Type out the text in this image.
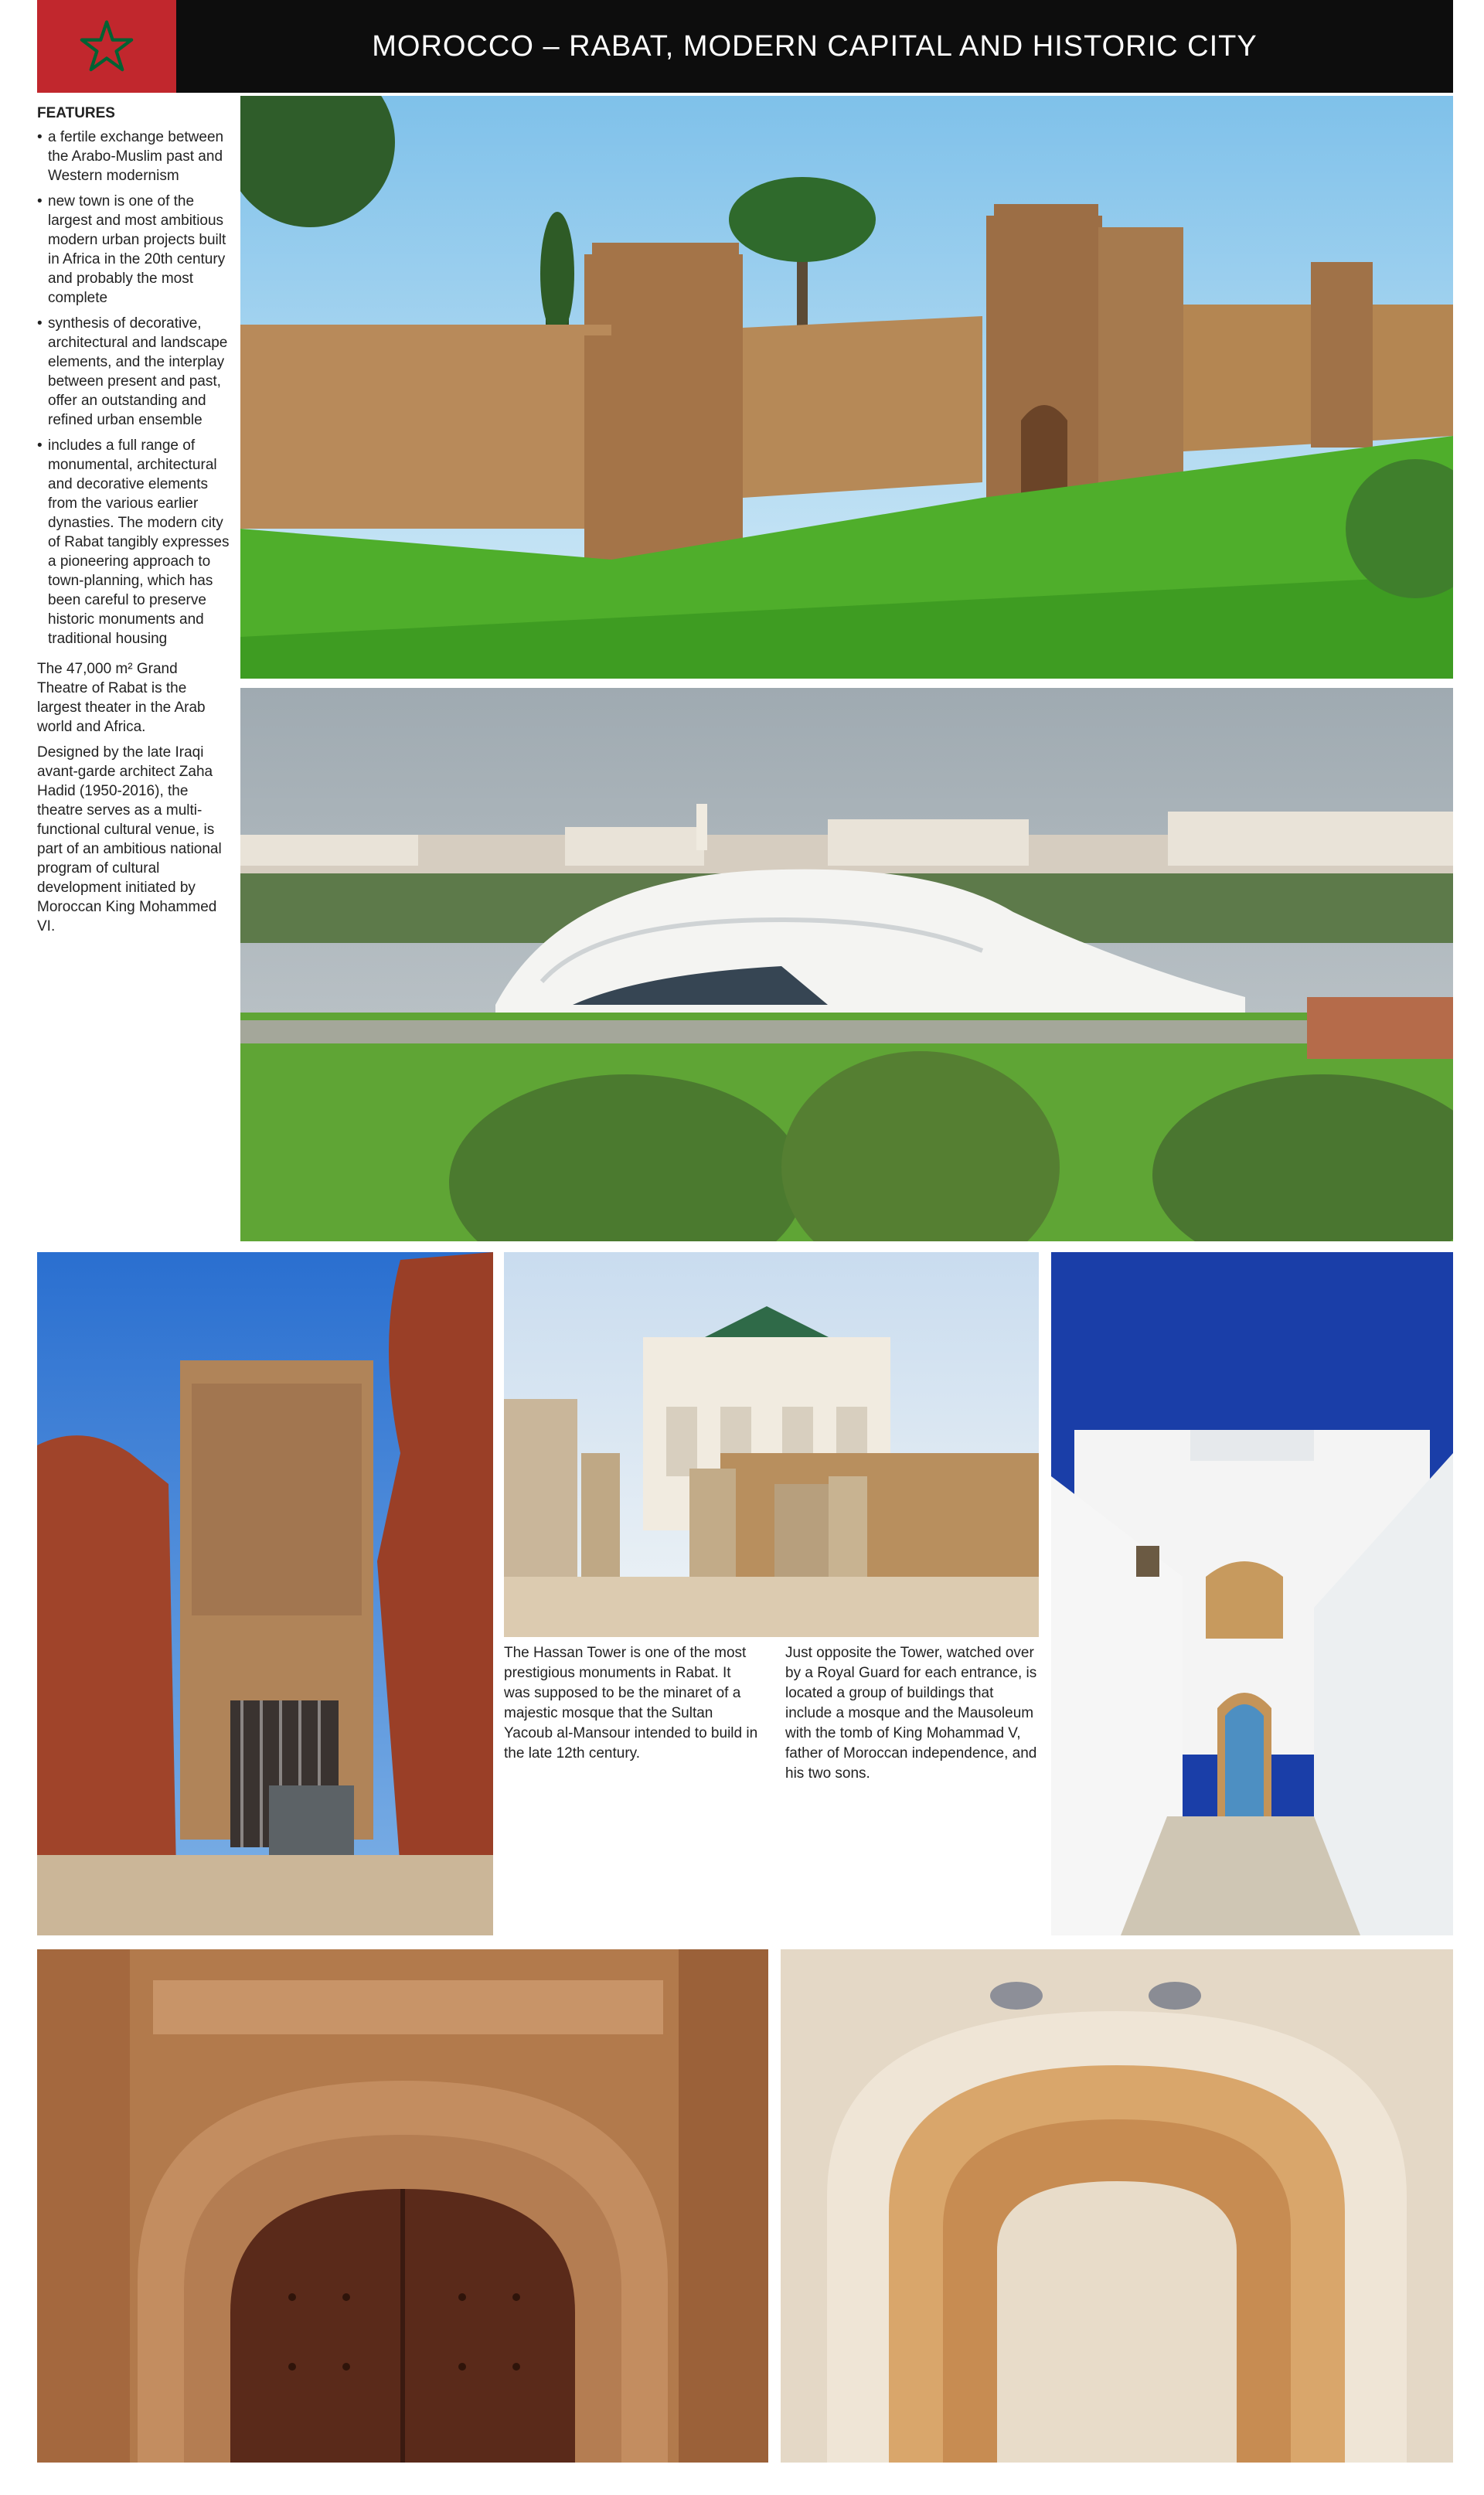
MOROCCO – RABAT, MODERN CAPITAL AND HISTORIC CITY
FEATURES
• a fertile exchange between the Arabo-Muslim past and Western modernism
• new town is one of the largest and most ambitious modern urban projects built in Africa in the 20th century and probably the most complete
• synthesis of decorative, architectural and landscape elements, and the interplay between present and past, offer an outstanding and refined urban ensemble
• includes a full range of monumental, architectural and decorative elements from the various earlier dynasties. The modern city of Rabat tangibly expresses a pioneering approach to town-planning, which has been careful to preserve historic monuments and traditional housing

The 47,000 m² Grand Theatre of Rabat is the largest theater in the Arab world and Africa.

Designed by the late Iraqi avant-garde architect Zaha Hadid (1950-2016), the theatre serves as a multi-functional cultural venue, is part of an ambitious national program of cultural development initiated by Moroccan King Mohammed VI.

The Hassan Tower is one of the most prestigious monuments in Rabat. It was supposed to be the minaret of a majestic mosque that the Sultan Yacoub al-Mansour intended to build in the late 12th century.

Just opposite the Tower, watched over by a Royal Guard for each entrance, is located a group of buildings that include a mosque and the Mausoleum with the tomb of King Mohammad V, father of Moroccan independence, and his two sons.
